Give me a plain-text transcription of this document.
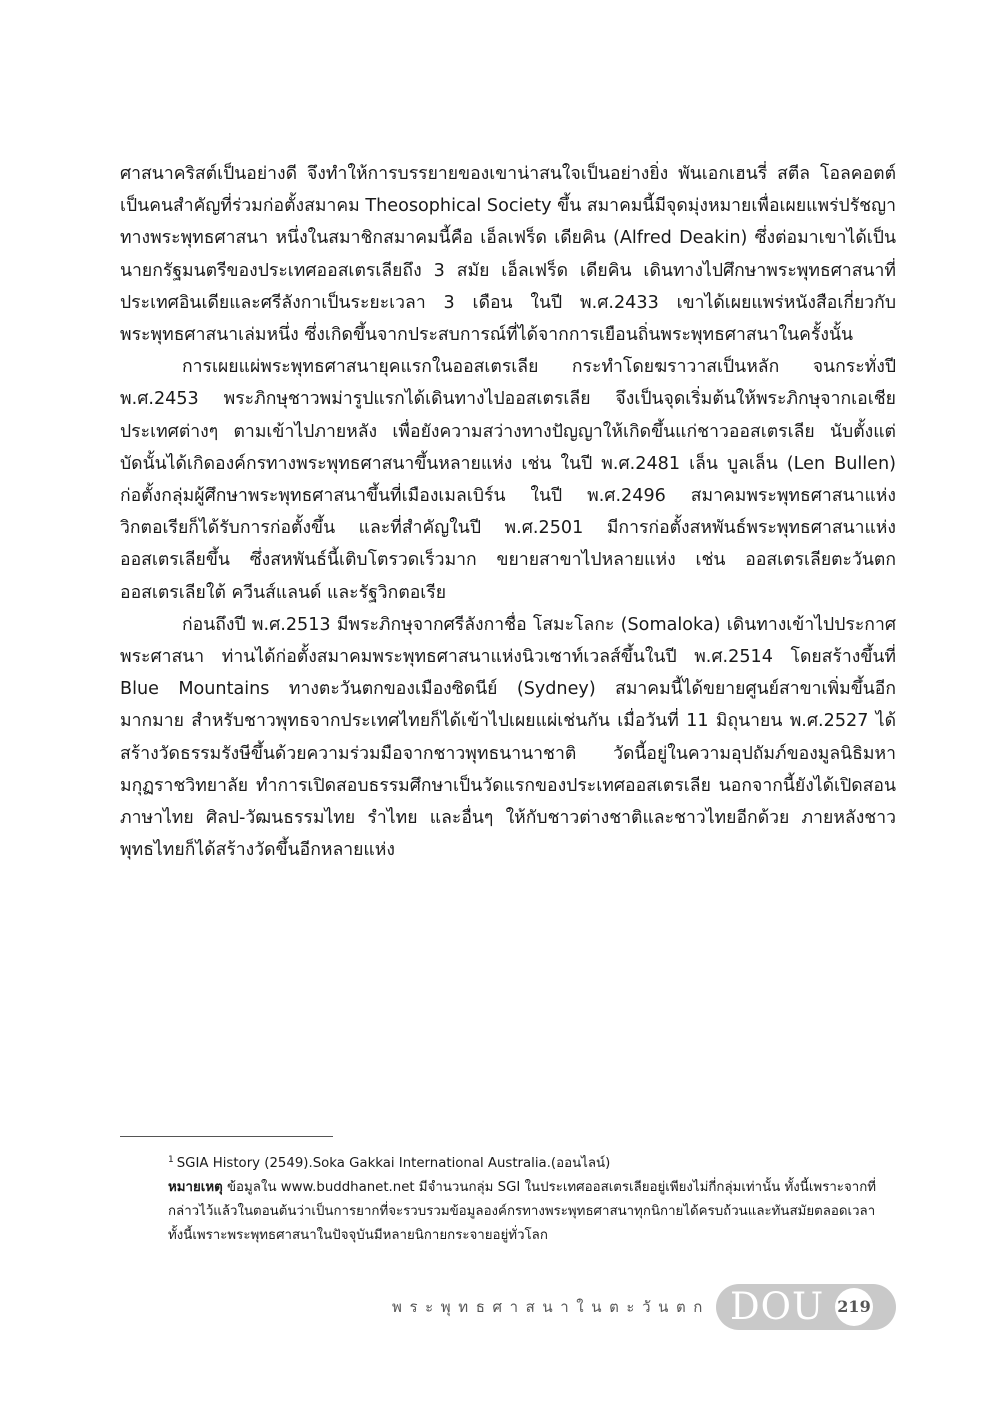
ศาสนาคริสต์เป็นอย่างดี จึงทำให้การบรรยายของเขาน่าสนใจเป็นอย่างยิ่ง พันเอกเฮนรี่ สตีล โอลคอตต์ เป็นคนสำคัญที่ร่วมก่อตั้งสมาคม Theosophical Society ขึ้น สมาคมนี้มีจุดมุ่งหมายเพื่อเผยแพร่ปรัชญาทางพระพุทธศาสนา หนึ่งในสมาชิกสมาคมนี้คือ เอ็ลเฟร็ด เดียคิน (Alfred Deakin) ซึ่งต่อมาเขาได้เป็นนายกรัฐมนตรีของประเทศออสเตรเลียถึง 3 สมัย เอ็ลเฟร็ด เดียคิน เดินทางไปศึกษาพระพุทธศาสนาที่ประเทศอินเดียและศรีลังกาเป็นระยะเวลา 3 เดือน ในปี พ.ศ.2433 เขาได้เผยแพร่หนังสือเกี่ยวกับพระพุทธศาสนาเล่มหนึ่ง ซึ่งเกิดขึ้นจากประสบการณ์ที่ได้จากการเยือนถิ่นพระพุทธศาสนาในครั้งนั้น

การเผยแผ่พระพุทธศาสนายุคแรกในออสเตรเลีย กระทำโดยฆราวาสเป็นหลัก จนกระทั่งปี พ.ศ.2453 พระภิกษุชาวพม่ารูปแรกได้เดินทางไปออสเตรเลีย จึงเป็นจุดเริ่มต้นให้พระภิกษุจากเอเชียประเทศต่างๆ ตามเข้าไปภายหลัง เพื่อยังความสว่างทางปัญญาให้เกิดขึ้นแก่ชาวออสเตรเลีย นับตั้งแต่บัดนั้นได้เกิดองค์กรทางพระพุทธศาสนาขึ้นหลายแห่ง เช่น ในปี พ.ศ.2481 เล็น บูลเล็น (Len Bullen) ก่อตั้งกลุ่มผู้ศึกษาพระพุทธศาสนาขึ้นที่เมืองเมลเบิร์น ในปี พ.ศ.2496 สมาคมพระพุทธศาสนาแห่งวิกตอเรียก็ได้รับการก่อตั้งขึ้น และที่สำคัญในปี พ.ศ.2501 มีการก่อตั้งสหพันธ์พระพุทธศาสนาแห่งออสเตรเลียขึ้น ซึ่งสหพันธ์นี้เติบโตรวดเร็วมาก ขยายสาขาไปหลายแห่ง เช่น ออสเตรเลียตะวันตก ออสเตรเลียใต้ ควีนส์แลนด์ และรัฐวิกตอเรีย

ก่อนถึงปี พ.ศ.2513 มีพระภิกษุจากศรีลังกาชื่อ โสมะโลกะ (Somaloka) เดินทางเข้าไปประกาศพระศาสนา ท่านได้ก่อตั้งสมาคมพระพุทธศาสนาแห่งนิวเซาท์เวลส์ขึ้นในปี พ.ศ.2514 โดยสร้างขึ้นที่ Blue Mountains ทางตะวันตกของเมืองซิดนีย์ (Sydney) สมาคมนี้ได้ขยายศูนย์สาขาเพิ่มขึ้นอีกมากมาย สำหรับชาวพุทธจากประเทศไทยก็ได้เข้าไปเผยแผ่เช่นกัน เมื่อวันที่ 11 มิถุนายน พ.ศ.2527 ได้สร้างวัดธรรมรังษีขึ้นด้วยความร่วมมือจากชาวพุทธนานาชาติ วัดนี้อยู่ในความอุปถัมภ์ของมูลนิธิมหามกุฏราชวิทยาลัย ทำการเปิดสอบธรรมศึกษาเป็นวัดแรกของประเทศออสเตรเลีย นอกจากนี้ยังได้เปิดสอนภาษาไทย ศิลป-วัฒนธรรมไทย รำไทย และอื่นๆ ให้กับชาวต่างชาติและชาวไทยอีกด้วย ภายหลังชาวพุทธไทยก็ได้สร้างวัดขึ้นอีกหลายแห่ง

$^1$ SGIA History (2549).Soka Gakkai International Australia.(ออนไลน์)

หมายเหตุ ข้อมูลใน www.buddhanet.net มีจำนวนกลุ่ม SGI ในประเทศออสเตรเลียอยู่เพียงไม่กี่กลุ่มเท่านั้น ทั้งนี้เพราะจากที่กล่าวไว้แล้วในตอนต้นว่าเป็นการยากที่จะรวบรวมข้อมูลองค์กรทางพระพุทธศาสนาทุกนิกายได้ครบถ้วนและทันสมัยตลอดเวลา ทั้งนี้เพราะพระพุทธศาสนาในปัจจุบันมีหลายนิกายกระจายอยู่ทั่วโลก

พระพุทธศาสนาในตะวันตก DOU 219
